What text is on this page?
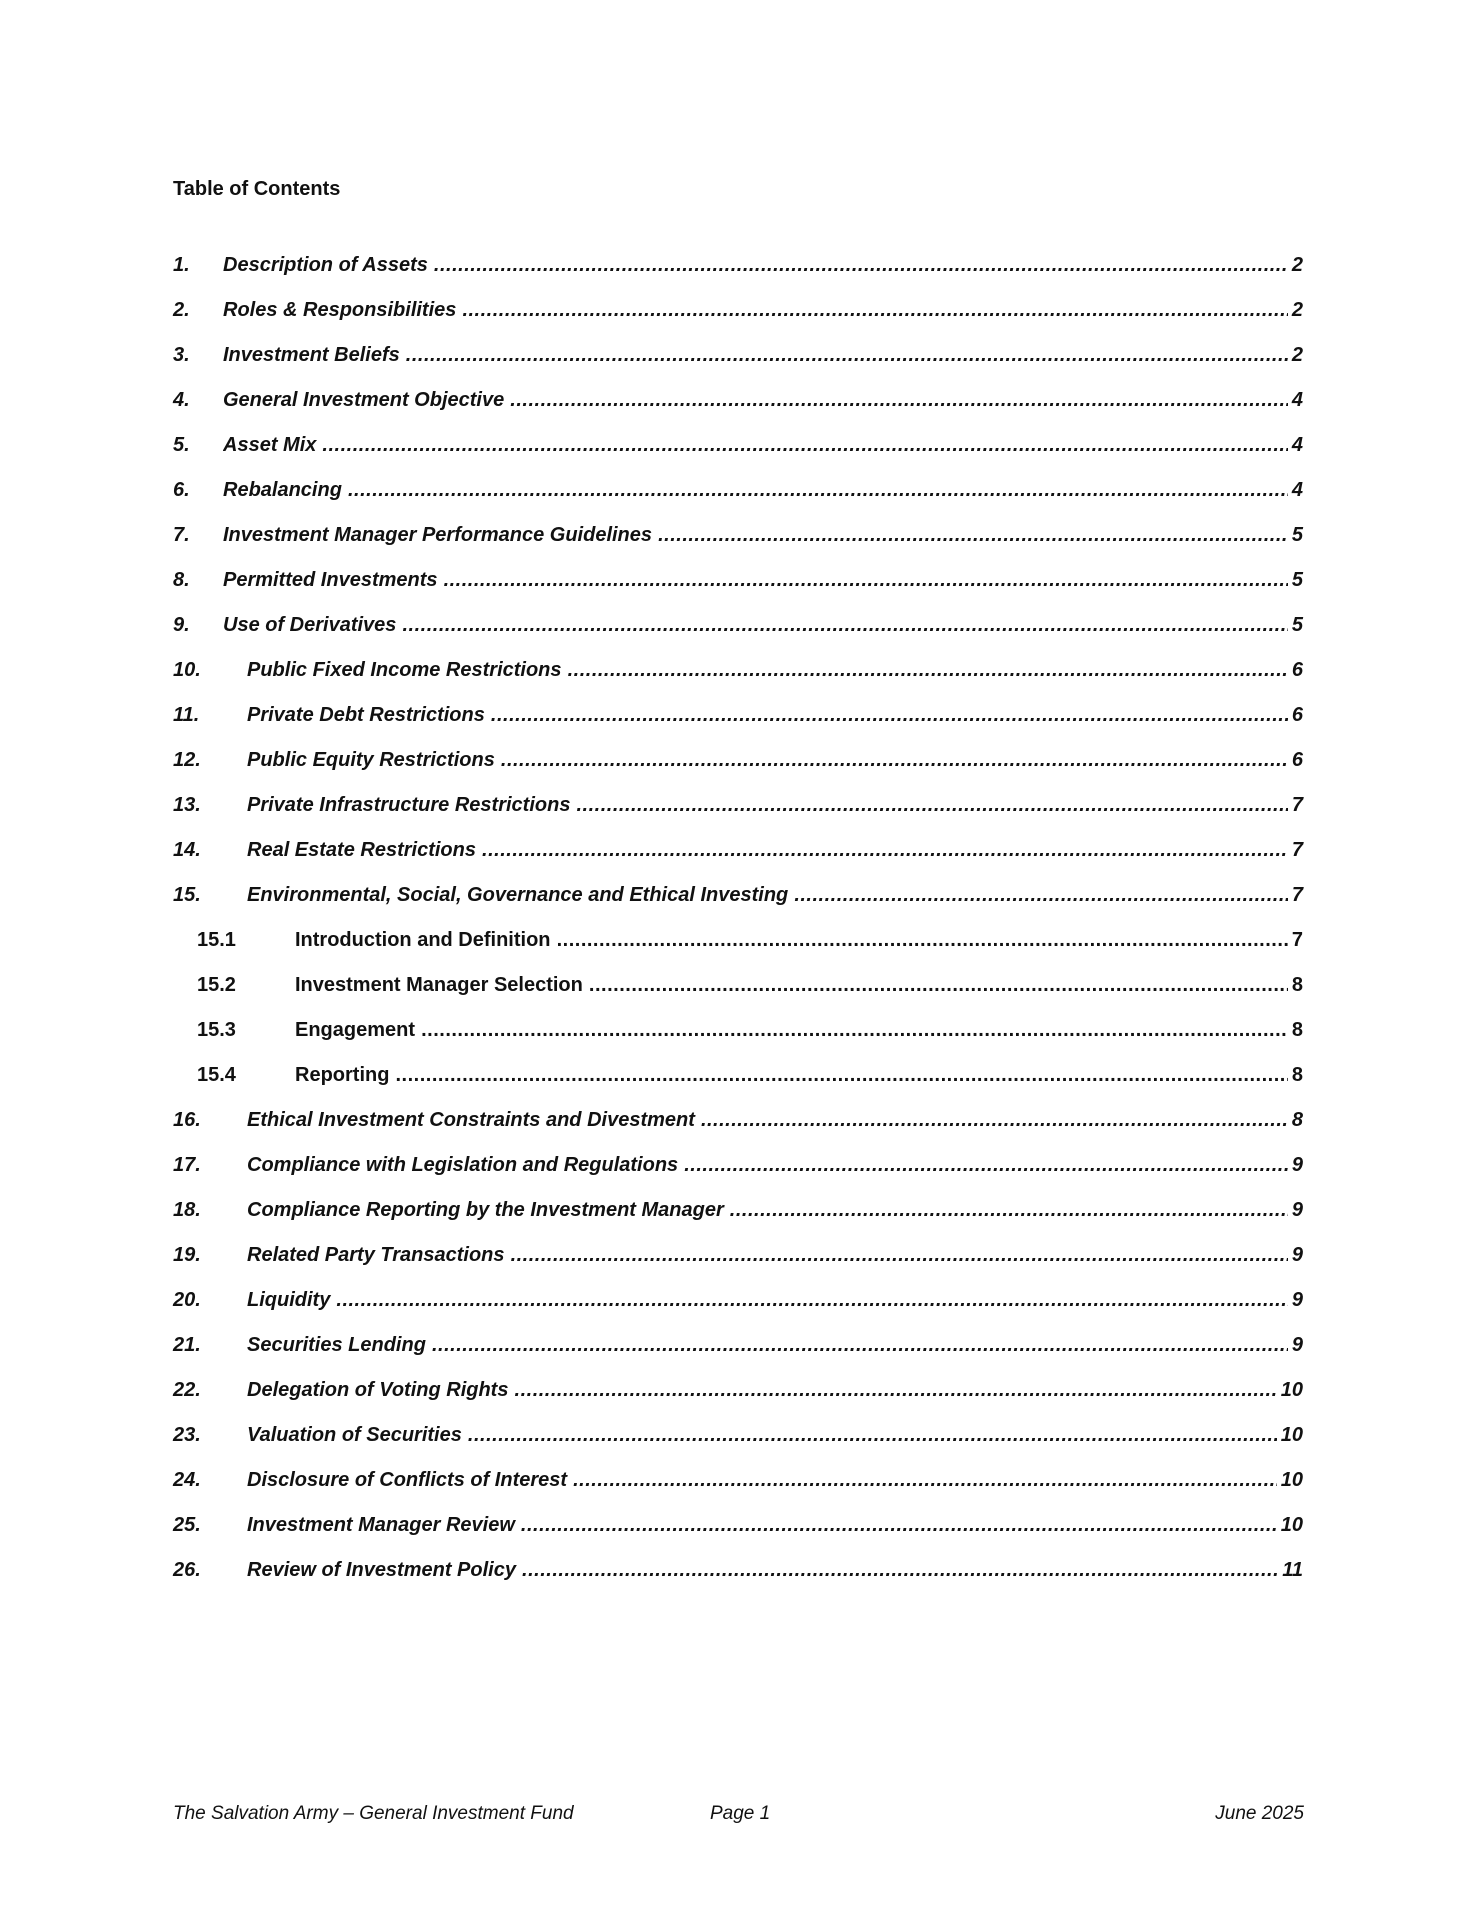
Table of Contents
1. Description of Assets .....	2
2. Roles & Responsibilities .....	2
3. Investment Beliefs .....	2
4. General Investment Objective .....	4
5. Asset Mix .....	4
6. Rebalancing .....	4
7. Investment Manager Performance Guidelines .....	5
8. Permitted Investments .....	5
9. Use of Derivatives .....	5
10. Public Fixed Income Restrictions .....	6
11. Private Debt Restrictions .....	6
12. Public Equity Restrictions .....	6
13. Private Infrastructure Restrictions .....	7
14. Real Estate Restrictions .....	7
15. Environmental, Social, Governance and Ethical Investing .....	7
15.1	Introduction and Definition .....	7
15.2	Investment Manager Selection .....	8
15.3	Engagement .....	8
15.4	Reporting .....	8
16. Ethical Investment Constraints and Divestment .....	8
17. Compliance with Legislation and Regulations .....	9
18. Compliance Reporting by the Investment Manager .....	9
19. Related Party Transactions .....	9
20. Liquidity .....	9
21. Securities Lending .....	9
22. Delegation of Voting Rights .....	10
23. Valuation of Securities .....	10
24. Disclosure of Conflicts of Interest .....	10
25. Investment Manager Review .....	10
26. Review of Investment Policy .....	11
The Salvation Army – General Investment Fund	Page 1	June 2025
